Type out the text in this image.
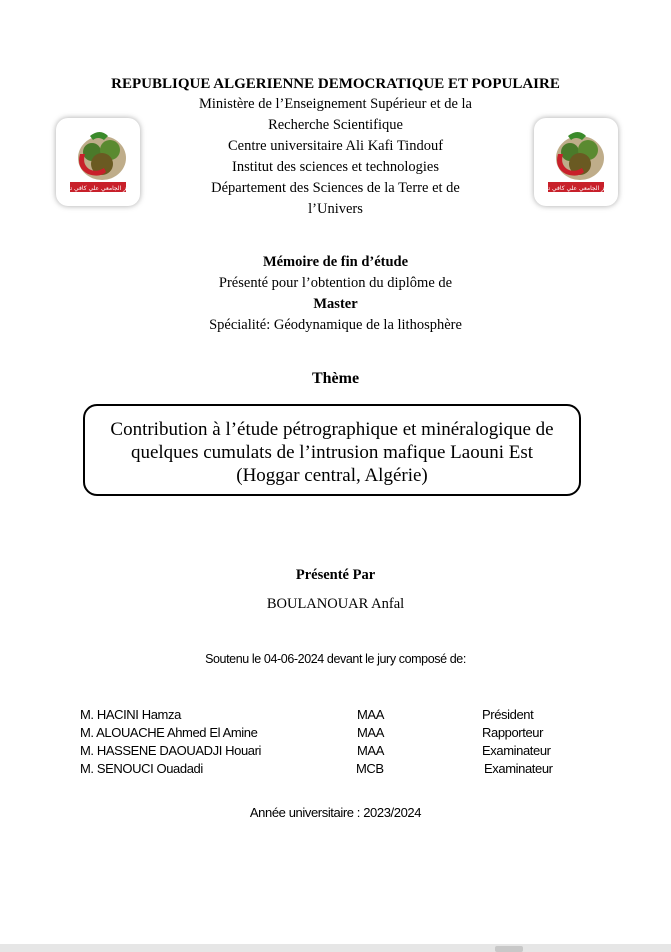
REPUBLIQUE ALGERIENNE DEMOCRATIQUE ET POPULAIRE
Ministère de l’Enseignement Supérieur et de la
Recherche Scientifique
Centre universitaire Ali Kafi Tindouf
Institut des sciences et technologies
Département des Sciences de la Terre et de
l’Univers
المركز الجامعي علي كافي تندوف	المركز الجامعي علي كافي تندوف
Mémoire de fin d’étude
Présenté pour l’obtention du diplôme de
Master
Spécialité: Géodynamique de la lithosphère
Thème
Contribution à l’étude pétrographique et minéralogique de
quelques cumulats de l’intrusion mafique Laouni Est
(Hoggar central, Algérie)
Présenté Par
BOULANOUAR Anfal
Soutenu le 04-06-2024 devant le jury composé de:
M. HACINI Hamza	MAA	Président
M. ALOUACHE Ahmed El Amine	MAA	Rapporteur
M. HASSENE DAOUADJI Houari	MAA	Examinateur
M. SENOUCI Ouadadi	MCB	Examinateur
Année universitaire : 2023/2024
